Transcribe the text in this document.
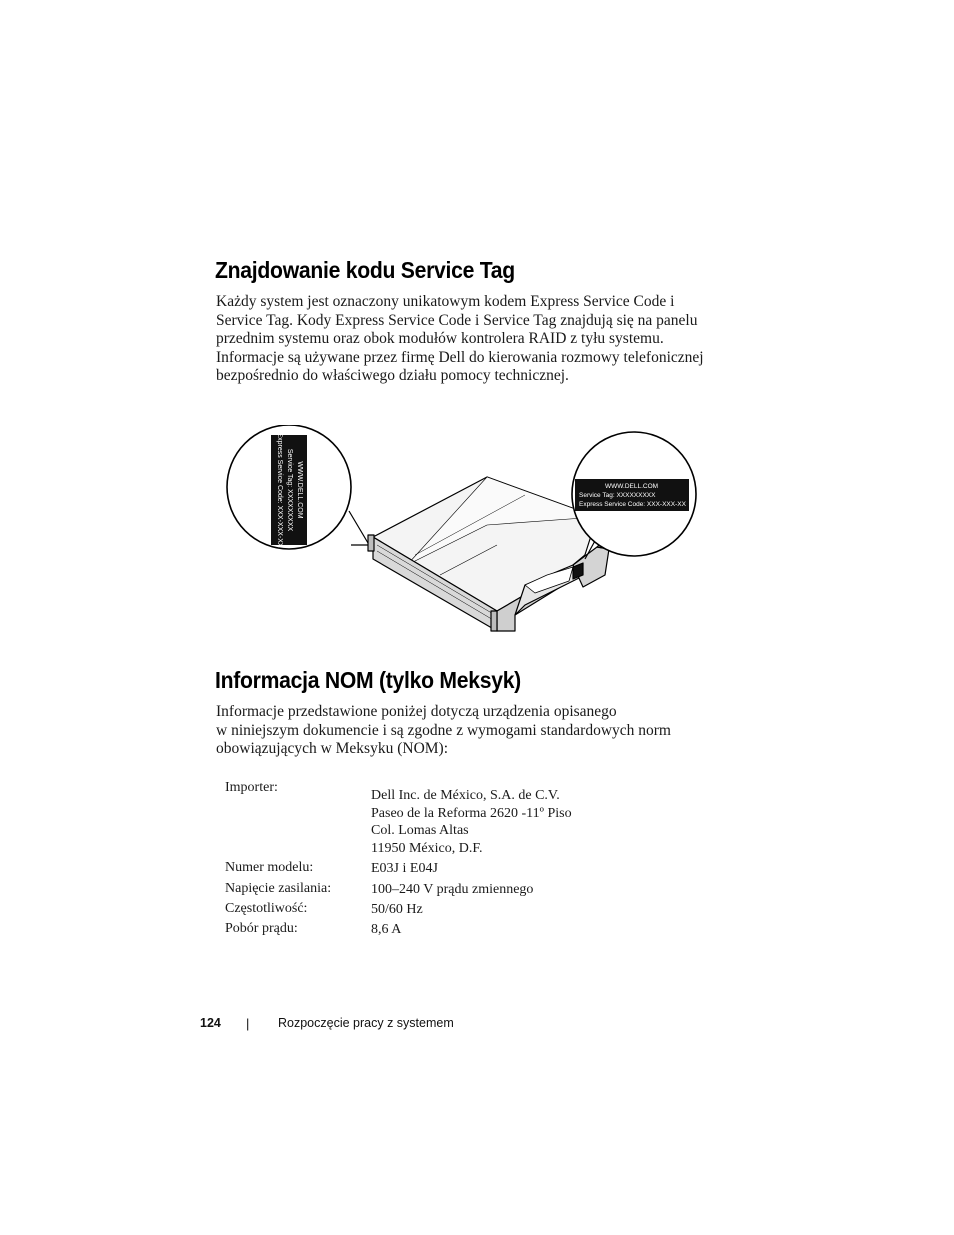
Znajdowanie kodu Service Tag

Każdy system jest oznaczony unikatowym kodem Express Service Code i
Service Tag. Kody Express Service Code i Service Tag znajdują się na panelu
przednim systemu oraz obok modułów kontrolera RAID z tyłu systemu.
Informacje są używane przez firmę Dell do kierowania rozmowy telefonicznej
bezpośrednio do właściwego działu pomocy technicznej.

WWW.DELL.COM
Service Tag: XXXXXXXXX
Express Service Code: XXX-XXX-XX	WWW.DELL.COM
Service Tag: XXXXXXXXX
Express Service Code: XXX-XXX-XX
Informacja NOM (tylko Meksyk)

Informacje przedstawione poniżej dotyczą urządzenia opisanego
w niniejszym dokumencie i są zgodne z wymogami standardowych norm
obowiązujących w Meksyku (NOM):

Importer:
Dell Inc. de México, S.A. de C.V.
Paseo de la Reforma 2620 -11º Piso
Col. Lomas Altas
11950 México, D.F.
Numer modelu:	E03J i E04J
Napięcie zasilania:	100–240 V prądu zmiennego
Częstotliwość:	50/60 Hz
Pobór prądu:	8,6 A
124 | Rozpoczęcie pracy z systemem
